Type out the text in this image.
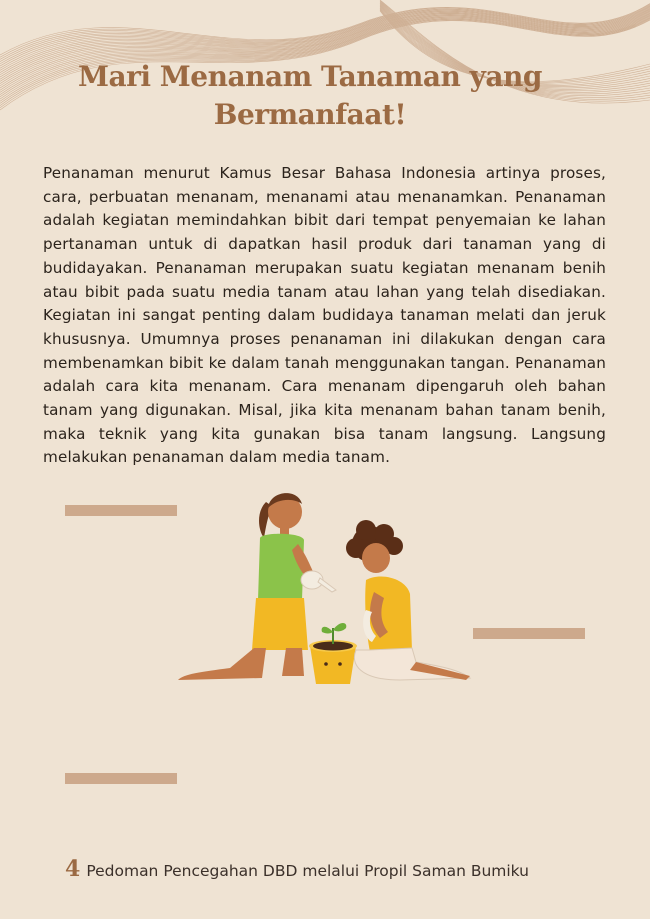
Mari Menanam Tanaman yang Bermanfaat!

Penanaman menurut Kamus Besar Bahasa Indonesia artinya proses, cara, perbuatan menanam, menanami atau menanamkan. Penanaman adalah kegiatan memindahkan bibit dari tempat penyemaian ke lahan pertanaman untuk di dapatkan hasil produk dari tanaman yang di budidayakan. Penanaman merupakan suatu kegiatan menanam benih atau bibit pada suatu media tanam atau lahan yang telah disediakan. Kegiatan ini sangat penting dalam budidaya tanaman melati dan jeruk khususnya. Umumnya proses penanaman ini dilakukan dengan cara membenamkan bibit ke dalam tanah menggunakan tangan. Penanaman adalah cara kita menanam. Cara menanam dipengaruh oleh bahan tanam yang digunakan. Misal, jika kita menanam bahan tanam benih, maka teknik yang kita gunakan bisa tanam langsung. Langsung melakukan penanaman dalam media tanam.

4 Pedoman Pencegahan DBD melalui Propil Saman Bumiku
